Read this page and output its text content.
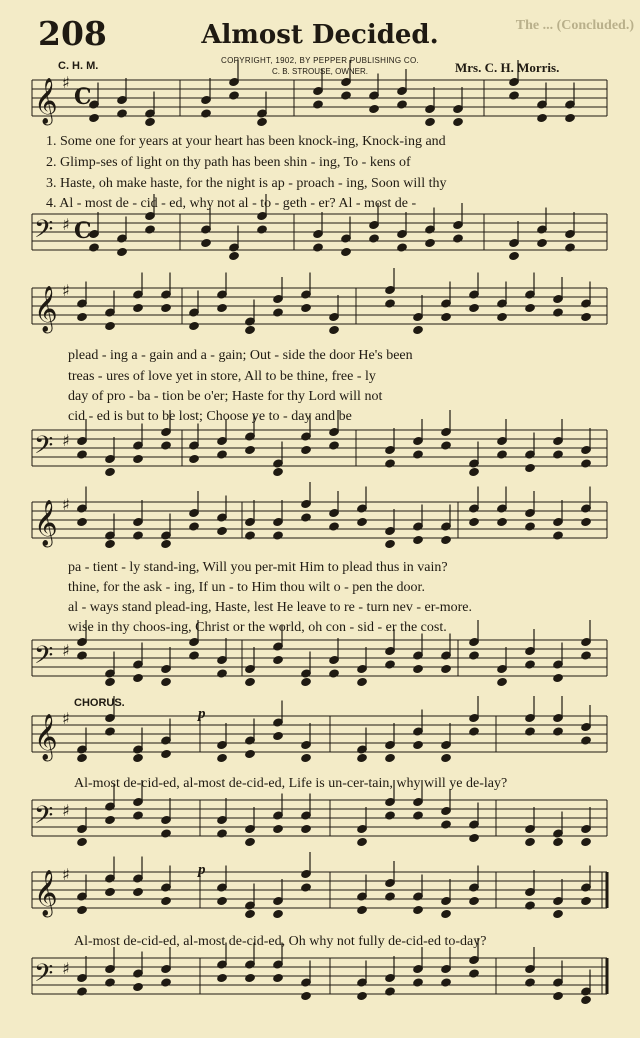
208	Almost Decided.	The ... (Concluded.)
C. H. M.	COPYRIGHT, 1902, BY PEPPER PUBLISHING CO.
C. B. STROUSE, OWNER.	Mrs. C. H. Morris.
𝄞 ♯
C
𝄢 ♯ C
𝄞 ♯
𝄢 ♯
𝄞 ♯
𝄢 ♯
𝄞 ♯
𝄢 ♯
𝄞 ♯
𝄢 ♯
1. Some one for years at your heart has been knock-ing, Knock-ing and
2. Glimp-ses of light on thy path has been shin - ing, To - kens of
3. Haste, oh make haste, for the night is ap - proach - ing, Soon will thy
4. Al - most de - cid - ed, why not al - to - geth - er? Al - most de -
plead - ing a - gain and a - gain; Out - side the door He's been
treas - ures of love yet in store, All to be thine, free - ly
day of pro - ba - tion be o'er; Haste for thy Lord will not
cid - ed is but to be lost; Choose ye to - day and be
pa - tient - ly stand-ing, Will you per-mit Him to plead thus in vain?
thine, for the ask - ing, If un - to Him thou wilt o - pen the door.
al - ways stand plead-ing, Haste, lest He leave to re - turn nev - er-more.
wise in thy choos-ing, Christ or the world, oh con - sid - er the cost.
CHORUS.
p
p
Al-most de-cid-ed, al-most de-cid-ed, Life is un-cer-tain, why will ye de-lay?
Al-most de-cid-ed, al-most de-cid-ed, Oh why not fully de-cid-ed to-day?
